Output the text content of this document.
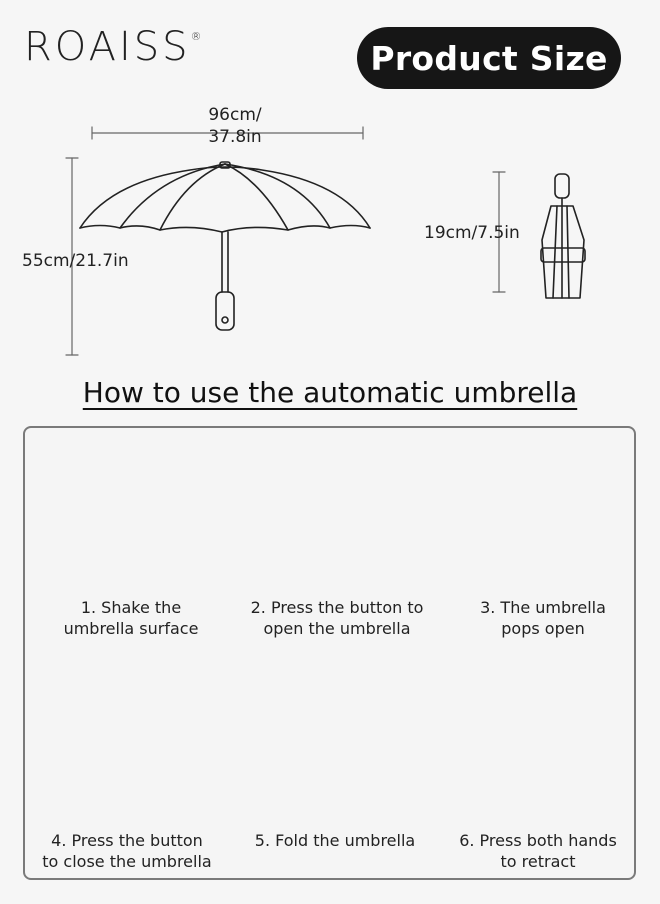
ROAISS®
Product Size
96cm/
37.8in
55cm/21.7in
19cm/7.5in
How to use the automatic umbrella
1. Shake the
umbrella surface
2. Press the button to
open the umbrella
3. The umbrella
pops open
4. Press the button
to close the umbrella
5. Fold the umbrella	6. Press both hands
to retract
